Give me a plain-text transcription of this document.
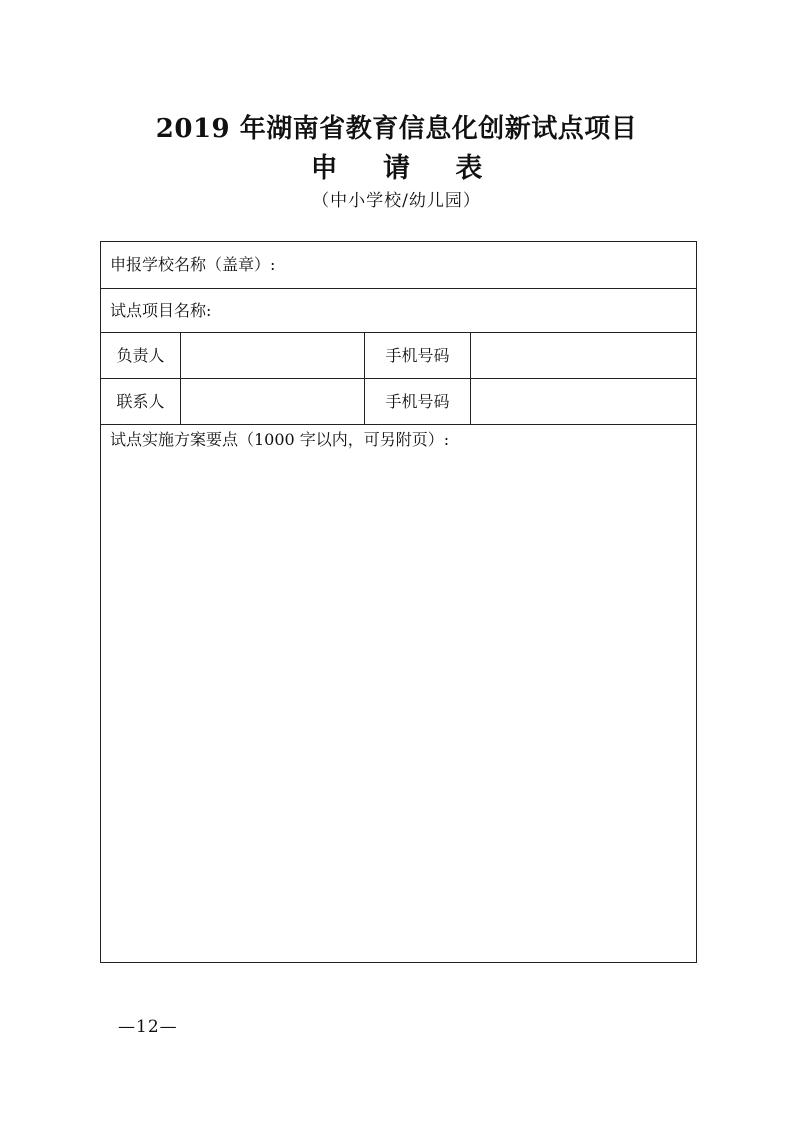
2019 年湖南省教育信息化创新试点项目
申 请 表
（中小学校/幼儿园）
申报学校名称（盖章）:			
试点项目名称:			
负责人		手机号码	
联系人		手机号码	
试点实施方案要点（1000 字以内，可另附页）:			
—12—
